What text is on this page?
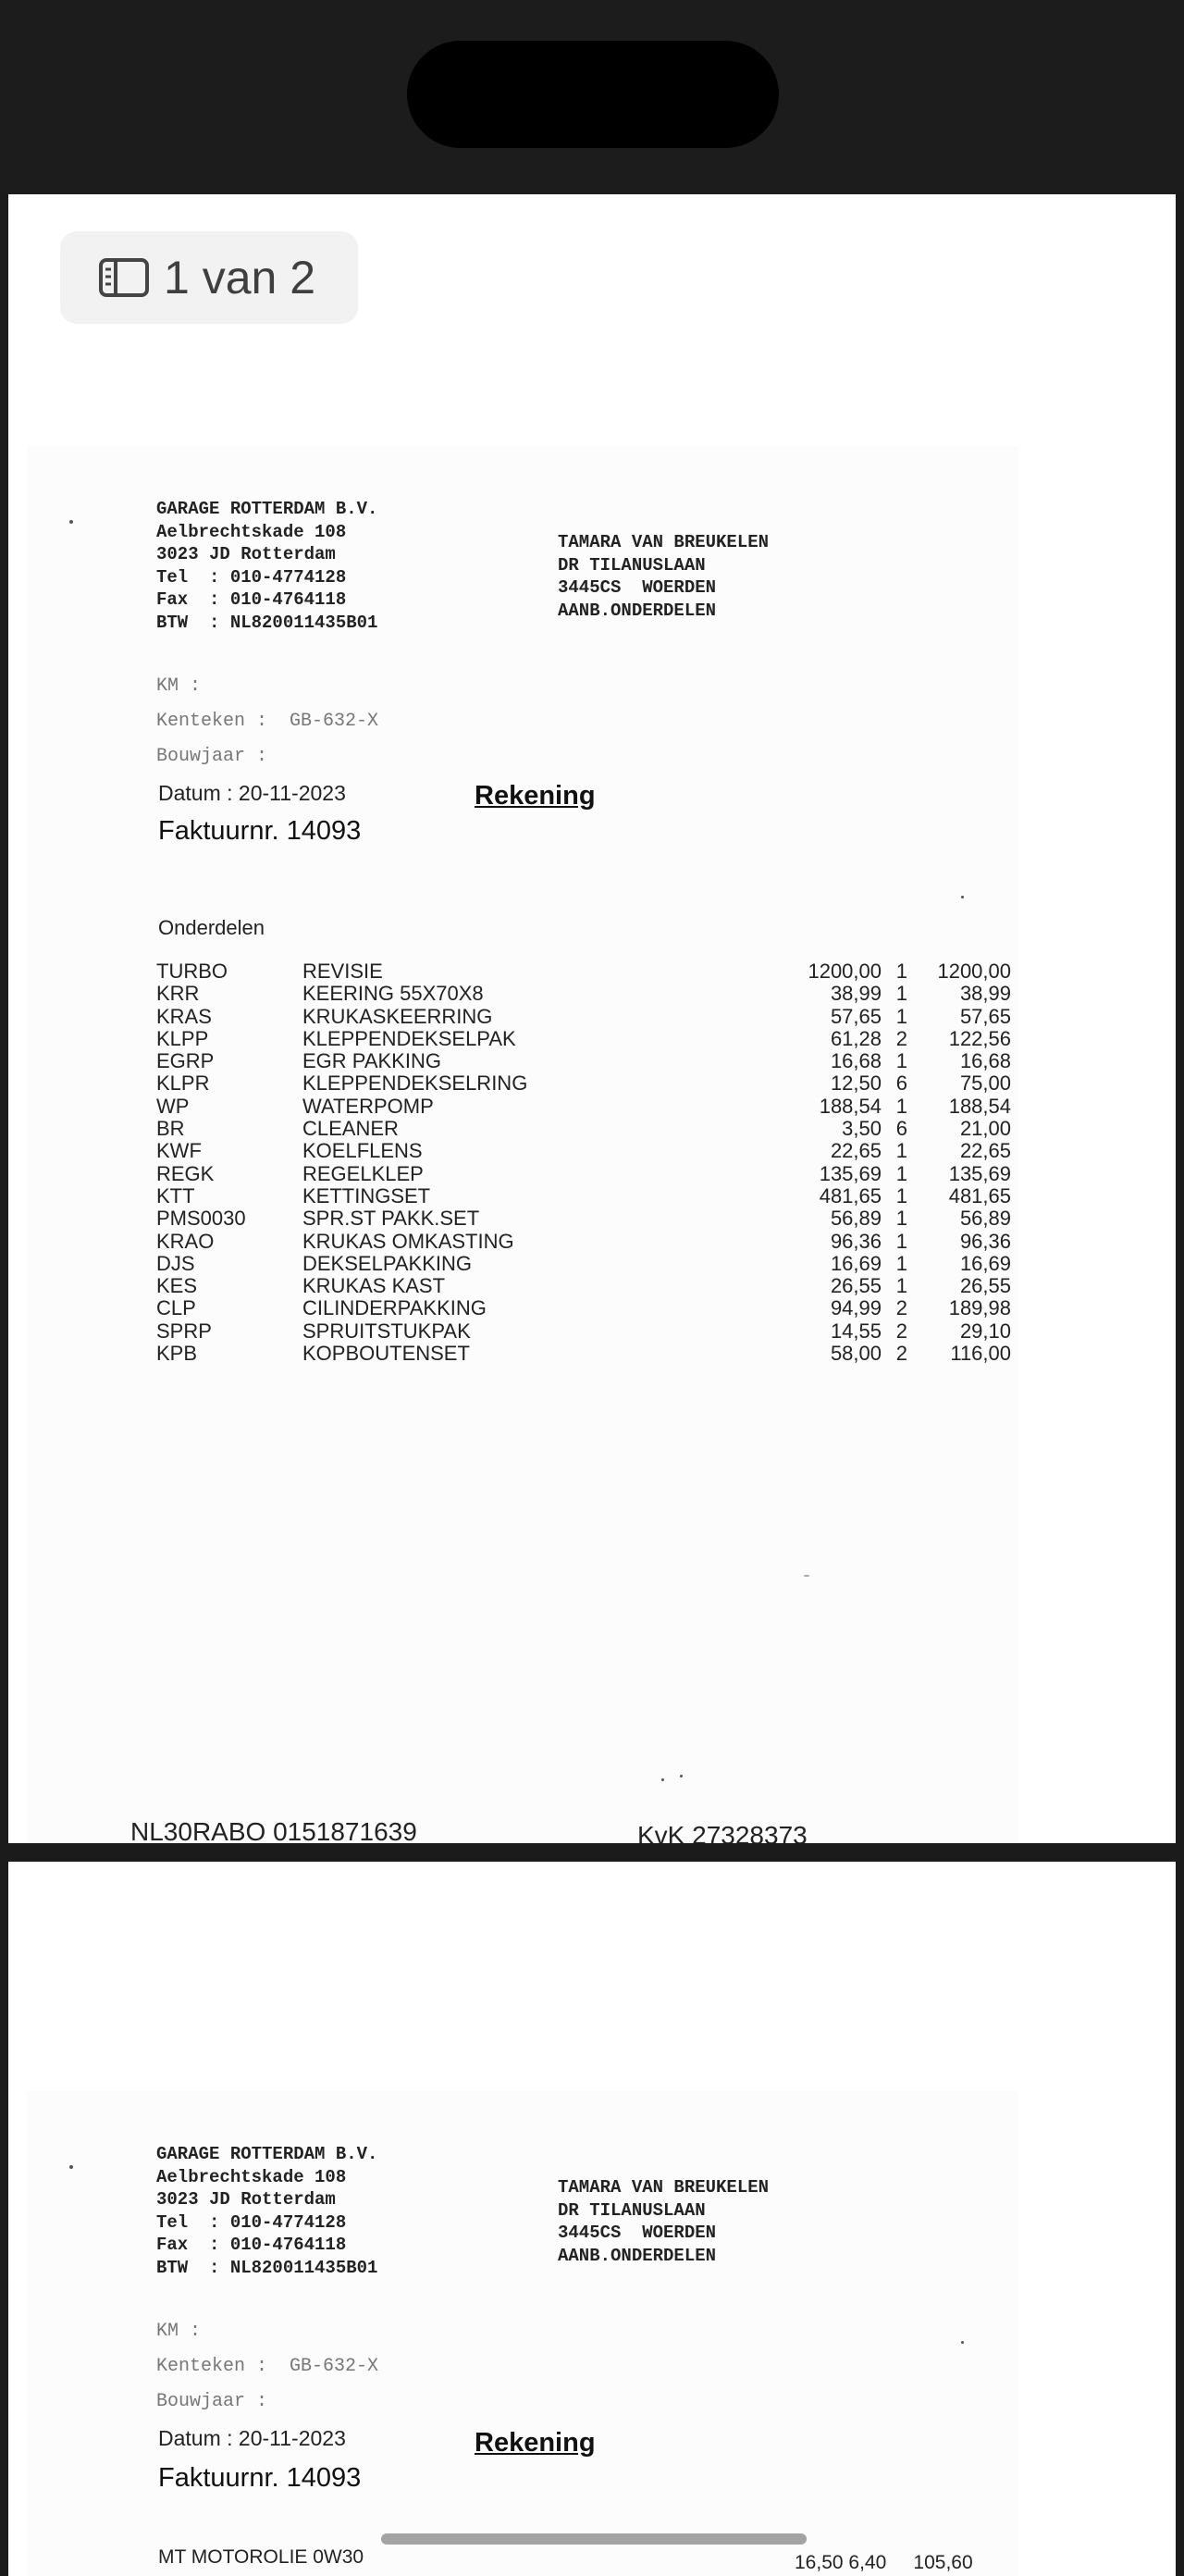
1 van 2
GARAGE ROTTERDAM B.V.
Aelbrechtskade 108
3023 JD Rotterdam
Tel  : 010-4774128
Fax  : 010-4764118
BTW  : NL820011435B01
TAMARA VAN BREUKELEN
DR TILANUSLAAN
3445CS  WOERDEN
AANB.ONDERDELEN
KM :
Kenteken :  GB-632-X
Bouwjaar :
Datum : 20-11-2023	Rekening
Faktuurnr. 14093
Onderdelen
TURBO	REVISIE	1200,00 1 1200,00
KRR	KEERING 55X70X8	38,99 1	38,99
KRAS	KRUKASKEERRING	57,65 1	57,65
KLPP	KLEPPENDEKSELPAK	61,28 2 122,56
EGRP	EGR PAKKING	16,68 1	16,68
KLPR	KLEPPENDEKSELRING	12,50 6	75,00
WP	WATERPOMP	188,54 1 188,54
BR	CLEANER	3,50 6	21,00
KWF	KOELFLENS	22,65 1	22,65
REGK	REGELKLEP	135,69 1 135,69
KTT	KETTINGSET	481,65 1 481,65
PMS0030	SPR.ST PAKK.SET	56,89 1	56,89
KRAO	KRUKAS OMKASTING	96,36 1	96,36
DJS	DEKSELPAKKING	16,69 1	16,69
KES	KRUKAS KAST	26,55 1	26,55
CLP	CILINDERPAKKING	94,99 2 189,98
SPRP	SPRUITSTUKPAK	14,55 2	29,10
KPB	KOPBOUTENSET	58,00 2 116,00
NL30RABO 0151871639	KvK 27328373
GARAGE ROTTERDAM B.V.
Aelbrechtskade 108
3023 JD Rotterdam
Tel  : 010-4774128
Fax  : 010-4764118
BTW  : NL820011435B01
TAMARA VAN BREUKELEN
DR TILANUSLAAN
3445CS  WOERDEN
AANB.ONDERDELEN
KM :
Kenteken :  GB-632-X
Bouwjaar :
Datum : 20-11-2023	Rekening
Faktuurnr. 14093
MT MOTOROLIE 0W30	16,50 6,40     105,60
